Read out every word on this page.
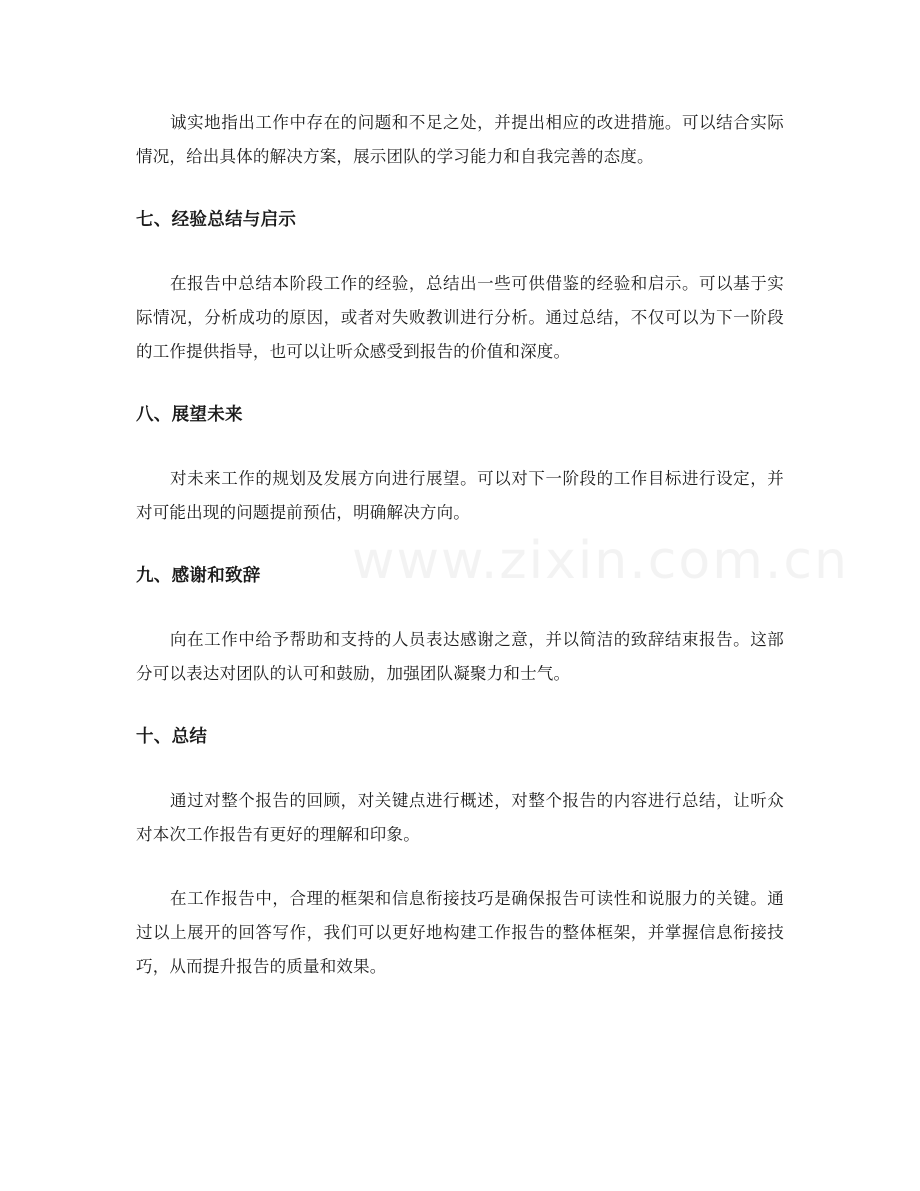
诚实地指出工作中存在的问题和不足之处，并提出相应的改进措施。可以结合实际情况，给出具体的解决方案，展示团队的学习能力和自我完善的态度。

七、经验总结与启示

在报告中总结本阶段工作的经验，总结出一些可供借鉴的经验和启示。可以基于实际情况，分析成功的原因，或者对失败教训进行分析。通过总结，不仅可以为下一阶段的工作提供指导，也可以让听众感受到报告的价值和深度。

八、展望未来

对未来工作的规划及发展方向进行展望。可以对下一阶段的工作目标进行设定，并对可能出现的问题提前预估，明确解决方向。

九、感谢和致辞

向在工作中给予帮助和支持的人员表达感谢之意，并以简洁的致辞结束报告。这部分可以表达对团队的认可和鼓励，加强团队凝聚力和士气。

十、总结

通过对整个报告的回顾，对关键点进行概述，对整个报告的内容进行总结，让听众对本次工作报告有更好的理解和印象。

在工作报告中，合理的框架和信息衔接技巧是确保报告可读性和说服力的关键。通过以上展开的回答写作，我们可以更好地构建工作报告的整体框架，并掌握信息衔接技巧，从而提升报告的质量和效果。

www.zixin.com.cn
